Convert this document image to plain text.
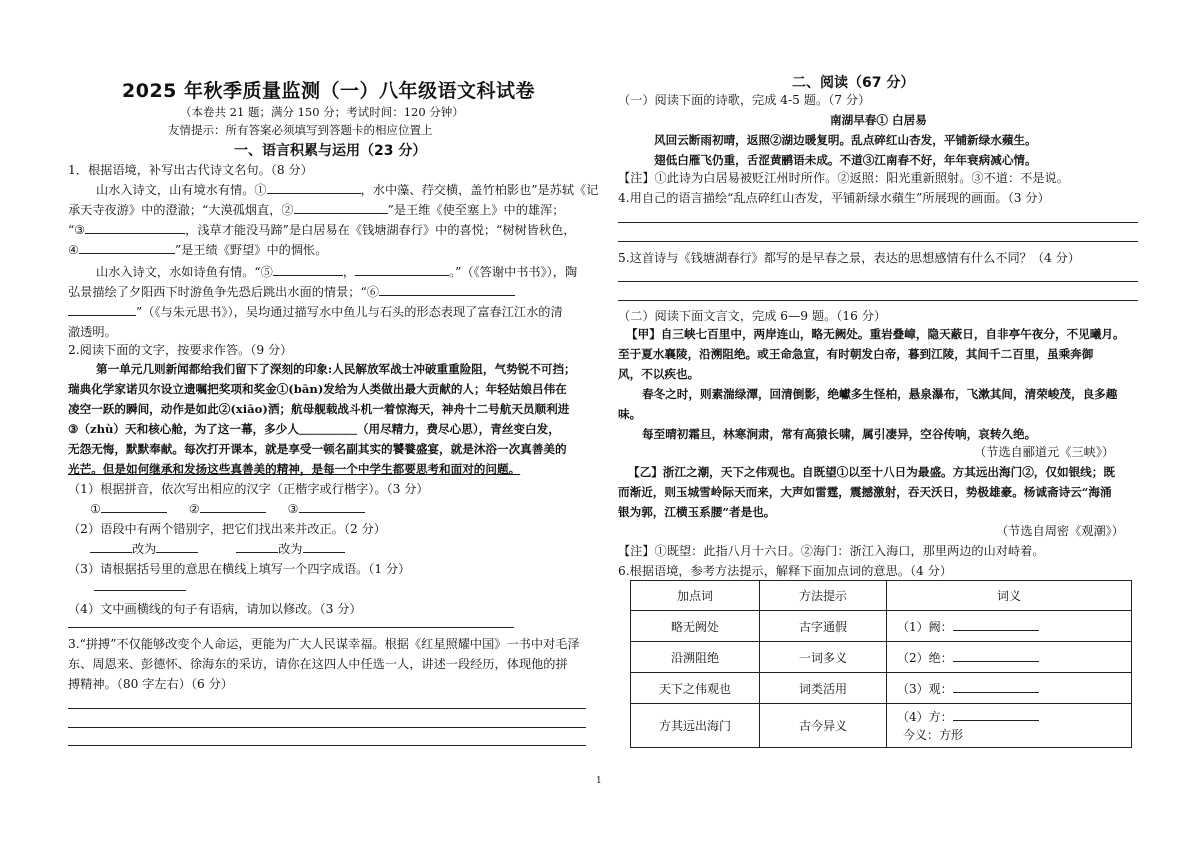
2025 年秋季质量监测（一）八年级语文科试卷
（本卷共 21 题；满分 150 分；考试时间：120 分钟）
友情提示：所有答案必须填写到答题卡的相应位置上
一、语言积累与运用（23 分）
1．根据语境，补写出古代诗文名句。（8 分）
山水入诗文，山有境水有情。①	，水中藻、荇交横，盖竹柏影也”是苏轼《记
承天寺夜游》中的澄澈；“大漠孤烟直，②	”是王维《使至塞上》中的雄浑；
“③	，浅草才能没马蹄”是白居易在《钱塘湖春行》中的喜悦；“树树皆秋色，
④	”是王绩《野望》中的惆怅。
山水入诗文，水如诗鱼有情。“⑤	，	。”（《答谢中书书》），陶
弘景描绘了夕阳西下时游鱼争先恐后跳出水面的情景；“⑥
”（《与朱元思书》），吴均通过描写水中鱼儿与石头的形态表现了富春江江水的清
澈透明。
2.阅读下面的文字，按要求作答。（9 分）
第一单元几则新闻都给我们留下了深刻的印象:人民解放军战士冲破重重险阻，气势锐不可挡；
瑞典化学家诺贝尔设立遗嘱把奖项和奖金①(bān)发给为人类做出最大贡献的人；年轻姑娘吕伟在
凌空一跃的瞬间，动作是如此②(xiāo)洒；航母舰载战斗机一着惊海天，神舟十二号航天员顺利进
③（zhù）天和核心舱，为了这一幕，多少人＿＿＿＿＿（用尽精力，费尽心思），青丝变白发，
无怨无悔，默默奉献。每次打开课本，就是享受一顿名副其实的饕餮盛宴，就是沐浴一次真善美的
光芒。但是如何继承和发扬这些真善美的精神，是每一个中学生都要思考和面对的问题。
（1）根据拼音，依次写出相应的汉字（正楷字或行楷字）。（3 分）
①	②	③
（2）语段中有两个错别字，把它们找出来并改正。（2 分）
改为	改为
（3）请根据括号里的意思在横线上填写一个四字成语。（1 分）
（4）文中画横线的句子有语病，请加以修改。（3 分）
3.“拼搏”不仅能够改变个人命运，更能为广大人民谋幸福。根据《红星照耀中国》一书中对毛泽
东、周恩来、彭德怀、徐海东的采访，请你在这四人中任选一人，讲述一段经历，体现他的拼
搏精神。（80 字左右）（6 分）
二、阅读（67 分）
（一）阅读下面的诗歌，完成 4-5 题。（7 分）
南湖早春① 白居易
风回云断雨初晴，返照②湖边暖复明。乱点碎红山杏发，平铺新绿水蘋生。
翅低白雁飞仍重，舌涩黄鹂语未成。不道③江南春不好，年年衰病减心情。
【注】①此诗为白居易被贬江州时所作。②返照：阳光重新照射。③不道：不是说。
4.用自己的语言描绘“乱点碎红山杏发，平铺新绿水蘋生”所展现的画面。（3 分）
5.这首诗与《钱塘湖春行》都写的是早春之景，表达的思想感情有什么不同？（4 分）
（二）阅读下面文言文，完成 6—9 题。（16 分）
【甲】自三峡七百里中，两岸连山，略无阙处。重岩叠嶂，隐天蔽日，自非亭午夜分，不见曦月。
至于夏水襄陵，沿溯阻绝。或王命急宣，有时朝发白帝，暮到江陵，其间千二百里，虽乘奔御
风，不以疾也。
春冬之时，则素湍绿潭，回清倒影，绝巘多生怪柏，悬泉瀑布，飞漱其间，清荣峻茂，良多趣
味。
每至晴初霜旦，林寒涧肃，常有高猿长啸，属引凄异，空谷传响，哀转久绝。
（节选自郦道元《三峡》）
【乙】浙江之潮，天下之伟观也。自既望①以至十八日为最盛。方其远出海门②，仅如银线；既
而渐近，则玉城雪岭际天而来，大声如雷霆，震撼激射，吞天沃日，势极雄豪。杨诚斋诗云“海涌
银为郭，江横玉系腰”者是也。
（节选自周密《观潮》）
【注】①既望：此指八月十六日。②海门：浙江入海口，那里两边的山对峙着。
6.根据语境，参考方法提示，解释下面加点词的意思。（4 分）
加点词	方法提示	词义
略无阙处	古字通假	（1）阙：
沿溯阻绝	一词多义	（2）绝：
天下之伟观也	词类活用	（3）观：
方其远出海门	古今异义	（4）方：
今义：方形
1
